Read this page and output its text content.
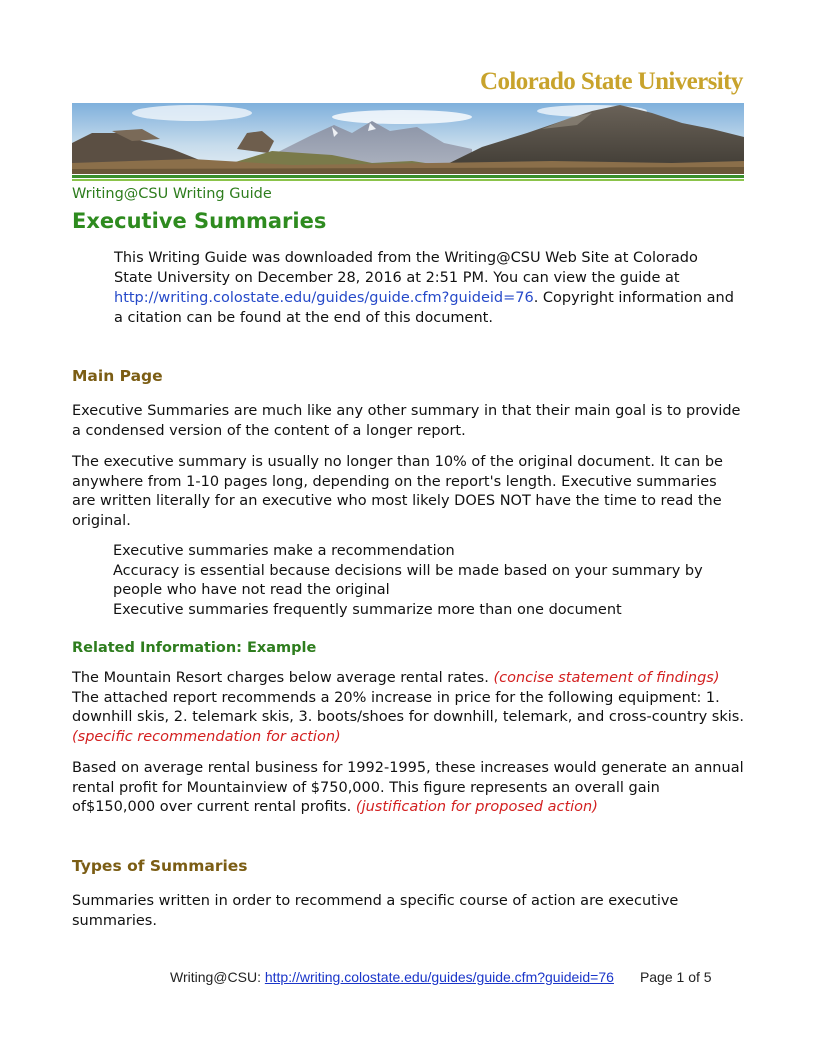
Colorado State University
Writing@CSU Writing Guide
Executive Summaries
This Writing Guide was downloaded from the Writing@CSU Web Site at Colorado State University on December 28, 2016 at 2:51 PM. You can view the guide at http://writing.colostate.edu/guides/guide.cfm?guideid=76. Copyright information and a citation can be found at the end of this document.
Main Page

Executive Summaries are much like any other summary in that their main goal is to provide a condensed version of the content of a longer report.

The executive summary is usually no longer than 10% of the original document. It can be anywhere from 1-10 pages long, depending on the report's length. Executive summaries are written literally for an executive who most likely DOES NOT have the time to read the original.

Executive summaries make a recommendation
Accuracy is essential because decisions will be made based on your summary by people who have not read the original
Executive summaries frequently summarize more than one document
Related Information: Example

The Mountain Resort charges below average rental rates. (concise statement of findings) The attached report recommends a 20% increase in price for the following equipment: 1. downhill skis, 2. telemark skis, 3. boots/shoes for downhill, telemark, and cross-country skis. (specific recommendation for action)

Based on average rental business for 1992-1995, these increases would generate an annual rental profit for Mountainview of $750,000. This figure represents an overall gain of$150,000 over current rental profits. (justification for proposed action)

Types of Summaries

Summaries written in order to recommend a specific course of action are executive summaries.

Writing@CSU: http://writing.colostate.edu/guides/guide.cfm?guideid=76 Page 1 of 5
